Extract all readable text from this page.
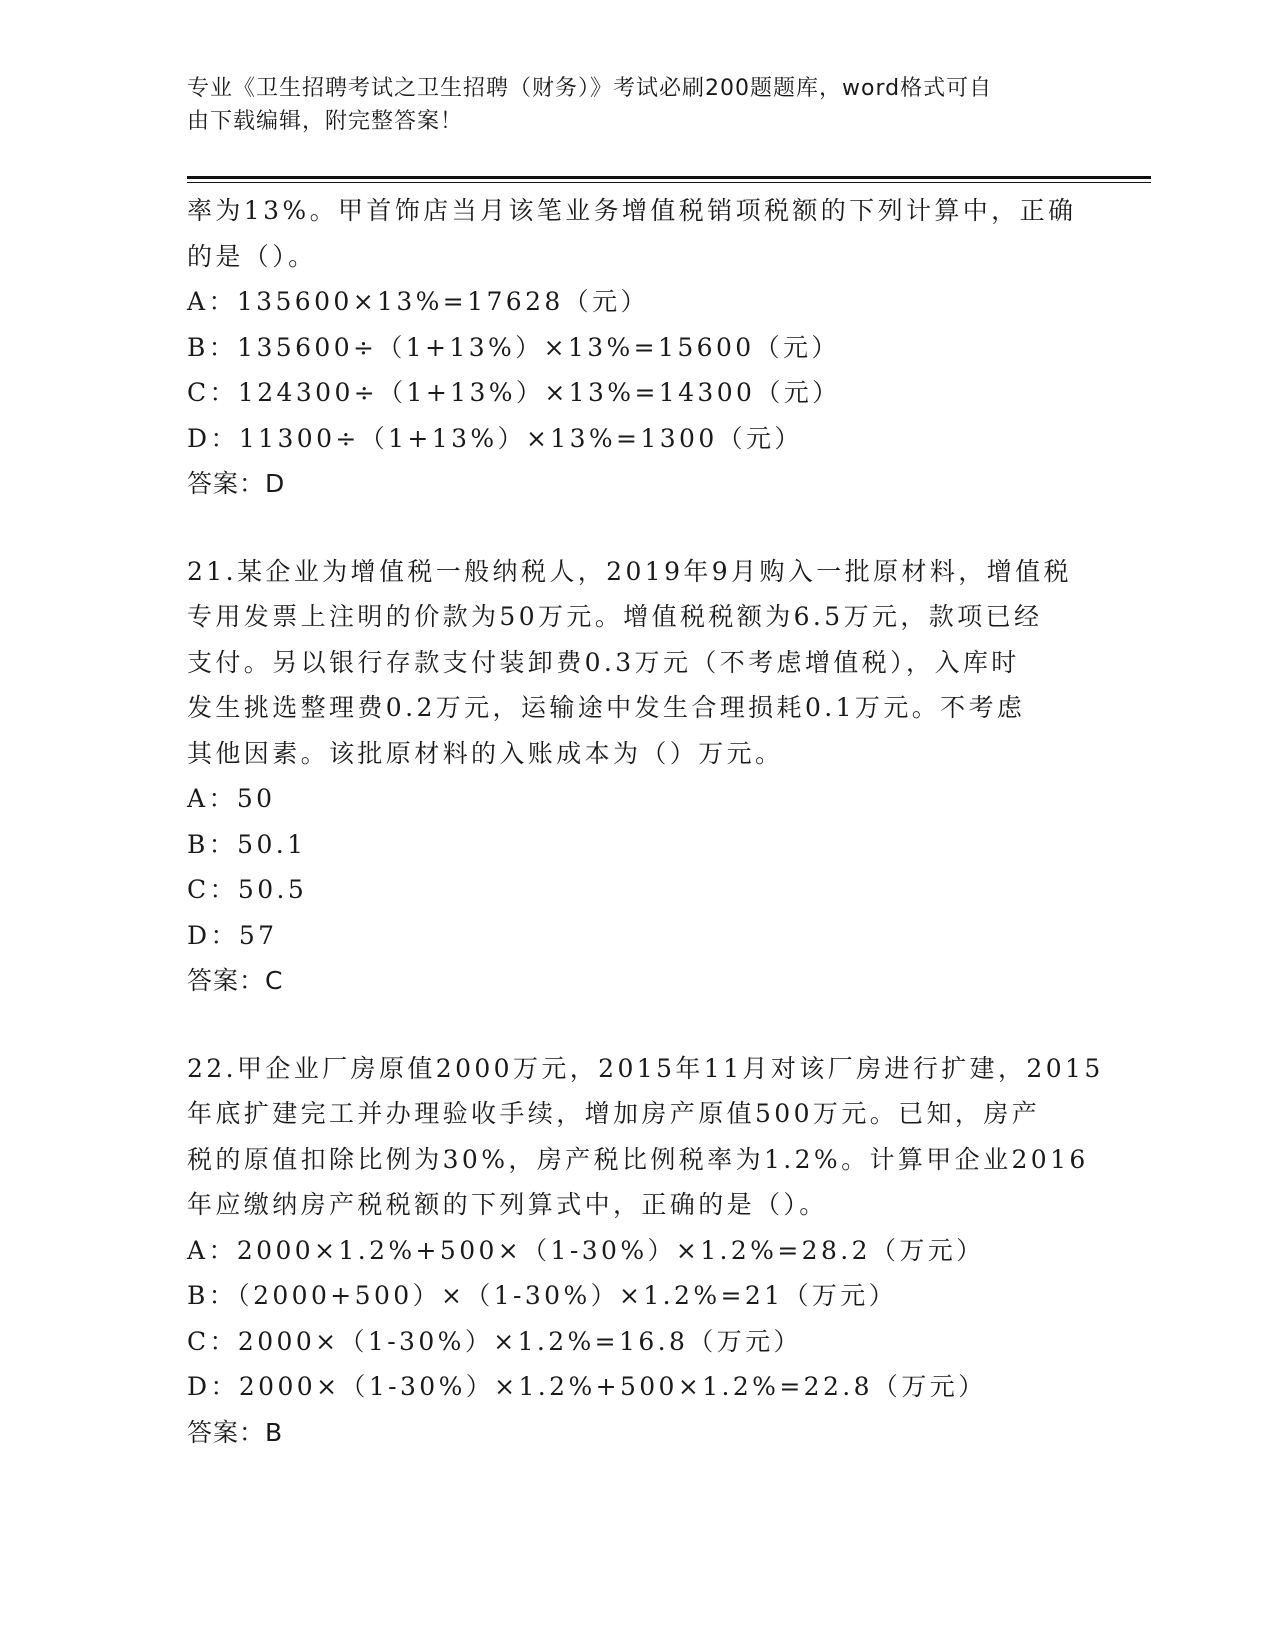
专业《卫生招聘考试之卫生招聘（财务）》考试必刷200题题库，word格式可自
由下载编辑，附完整答案！
率为13%。甲首饰店当月该笔业务增值税销项税额的下列计算中，正确
的是（）。
A：135600×13%=17628（元）
B：135600÷（1+13%）×13%=15600（元）
C：124300÷（1+13%）×13%=14300（元）
D：11300÷（1+13%）×13%=1300（元）
答案：D
21.某企业为增值税一般纳税人，2019年9月购入一批原材料，增值税
专用发票上注明的价款为50万元。增值税税额为6.5万元，款项已经
支付。另以银行存款支付装卸费0.3万元（不考虑增值税），入库时
发生挑选整理费0.2万元，运输途中发生合理损耗0.1万元。不考虑
其他因素。该批原材料的入账成本为（）万元。
A：50
B：50.1
C：50.5
D：57
答案：C
22.甲企业厂房原值2000万元，2015年11月对该厂房进行扩建，2015
年底扩建完工并办理验收手续，增加房产原值500万元。已知，房产
税的原值扣除比例为30%，房产税比例税率为1.2%。计算甲企业2016
年应缴纳房产税税额的下列算式中，正确的是（）。
A：2000×1.2%+500×（1-30%）×1.2%=28.2（万元）
B：（2000+500）×（1-30%）×1.2%=21（万元）
C：2000×（1-30%）×1.2%=16.8（万元）
D：2000×（1-30%）×1.2%+500×1.2%=22.8（万元）
答案：B
